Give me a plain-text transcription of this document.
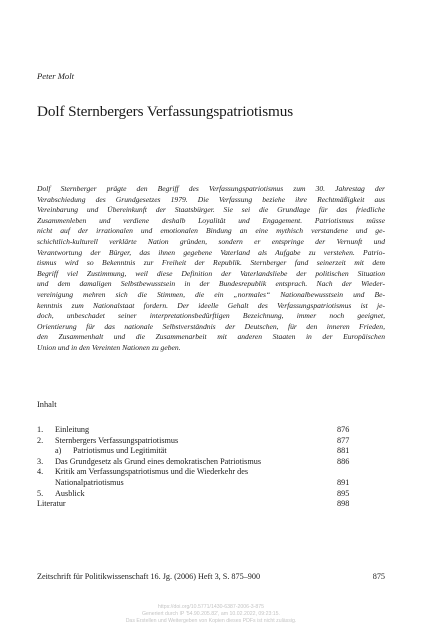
Peter Molt
Dolf Sternbergers Verfassungspatriotismus

Dolf Sternberger prägte den Begriff des Verfassungspatriotismus zum 30. Jahrestag der

Verabschiedung des Grundgesetzes 1979. Die Verfassung beziehe ihre Rechtmäßigkeit aus

Vereinbarung und Übereinkunft der Staatsbürger. Sie sei die Grundlage für das friedliche

Zusammenleben und verdiene deshalb Loyalität und Engagement. Patriotismus müsse

nicht auf der irrationalen und emotionalen Bindung an eine mythisch verstandene und ge-

schichtlich-kulturell verklärte Nation gründen, sondern er entspringe der Vernunft und

Verantwortung der Bürger, das ihnen gegebene Vaterland als Aufgabe zu verstehen. Patrio-

tismus wird so Bekenntnis zur Freiheit der Republik. Sternberger fand seinerzeit mit dem

Begriff viel Zustimmung, weil diese Definition der Vaterlandsliebe der politischen Situation

und dem damaligen Selbstbewusstsein in der Bundesrepublik entsprach. Nach der Wieder-

vereinigung mehren sich die Stimmen, die ein „normales“ Nationalbewusstsein und Be-

kenntnis zum Nationalstaat fordern. Der ideelle Gehalt des Verfassungspatriotismus ist je-

doch, unbeschadet seiner interpretationsbedürftigen Bezeichnung, immer noch geeignet,

Orientierung für das nationale Selbstverständnis der Deutschen, für den inneren Frieden,

den Zusammenhalt und die Zusammenarbeit mit anderen Staaten in der Europäischen

Union und in den Vereinten Nationen zu geben.

Inhalt
1. Einleitung	876
2. Sternbergers Verfassungspatriotismus	877
a) Patriotismus und Legitimität	881
3. Das Grundgesetz als Grund eines demokratischen Patriotismus	886
4. Kritik am Verfassungspatriotismus und die Wiederkehr des
Nationalpatriotismus	891
5. Ausblick	895
Literatur	898
Zeitschrift für Politikwissenschaft 16. Jg. (2006) Heft 3, S. 875–900	875
https://doi.org/10.5771/1430-6387-2006-3-875
Generiert durch IP '54.90.205.82', am 10.02.2022, 09:23:15.
Das Erstellen und Weitergeben von Kopien dieses PDFs ist nicht zulässig.
